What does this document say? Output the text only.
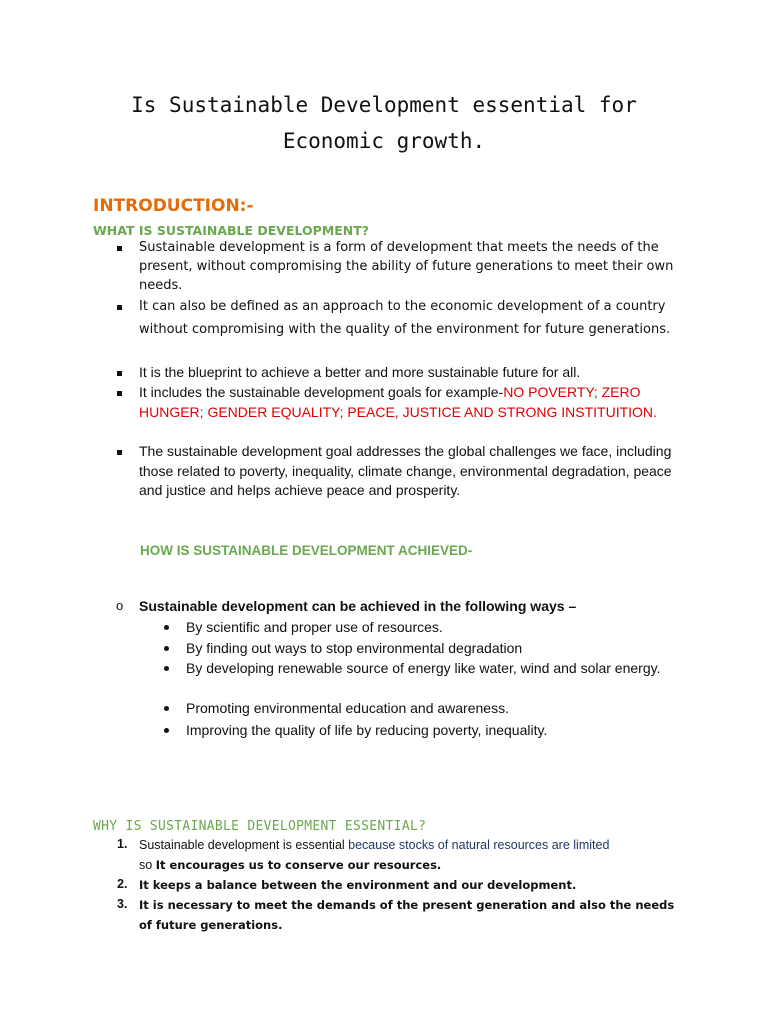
Is Sustainable Development essential for
Economic growth.
INTRODUCTION:-
WHAT IS SUSTAINABLE DEVELOPMENT?
Sustainable development is a form of development that meets the needs of the present, without compromising the ability of future generations to meet their own needs.
It can also be defined as an approach to the economic development of a country without compromising with the quality of the environment for future generations.
It is the blueprint to achieve a better and more sustainable future for all.
It includes the sustainable development goals for example-NO POVERTY; ZERO HUNGER; GENDER EQUALITY; PEACE, JUSTICE AND STRONG INSTITUITION.
The sustainable development goal addresses the global challenges we face, including those related to poverty, inequality, climate change, environmental degradation, peace and justice and helps achieve peace and prosperity.
HOW IS SUSTAINABLE DEVELOPMENT ACHIEVED-
o Sustainable development can be achieved in the following ways –
By scientific and proper use of resources.
By finding out ways to stop environmental degradation
By developing renewable source of energy like water, wind and solar energy.
Promoting environmental education and awareness.
Improving the quality of life by reducing poverty, inequality.
WHY IS SUSTAINABLE DEVELOPMENT ESSENTIAL?
1. Sustainable development is essential because stocks of natural resources are limited
so It encourages us to conserve our resources.
2. It keeps a balance between the environment and our development.
3. It is necessary to meet the demands of the present generation and also the needs of future generations.
